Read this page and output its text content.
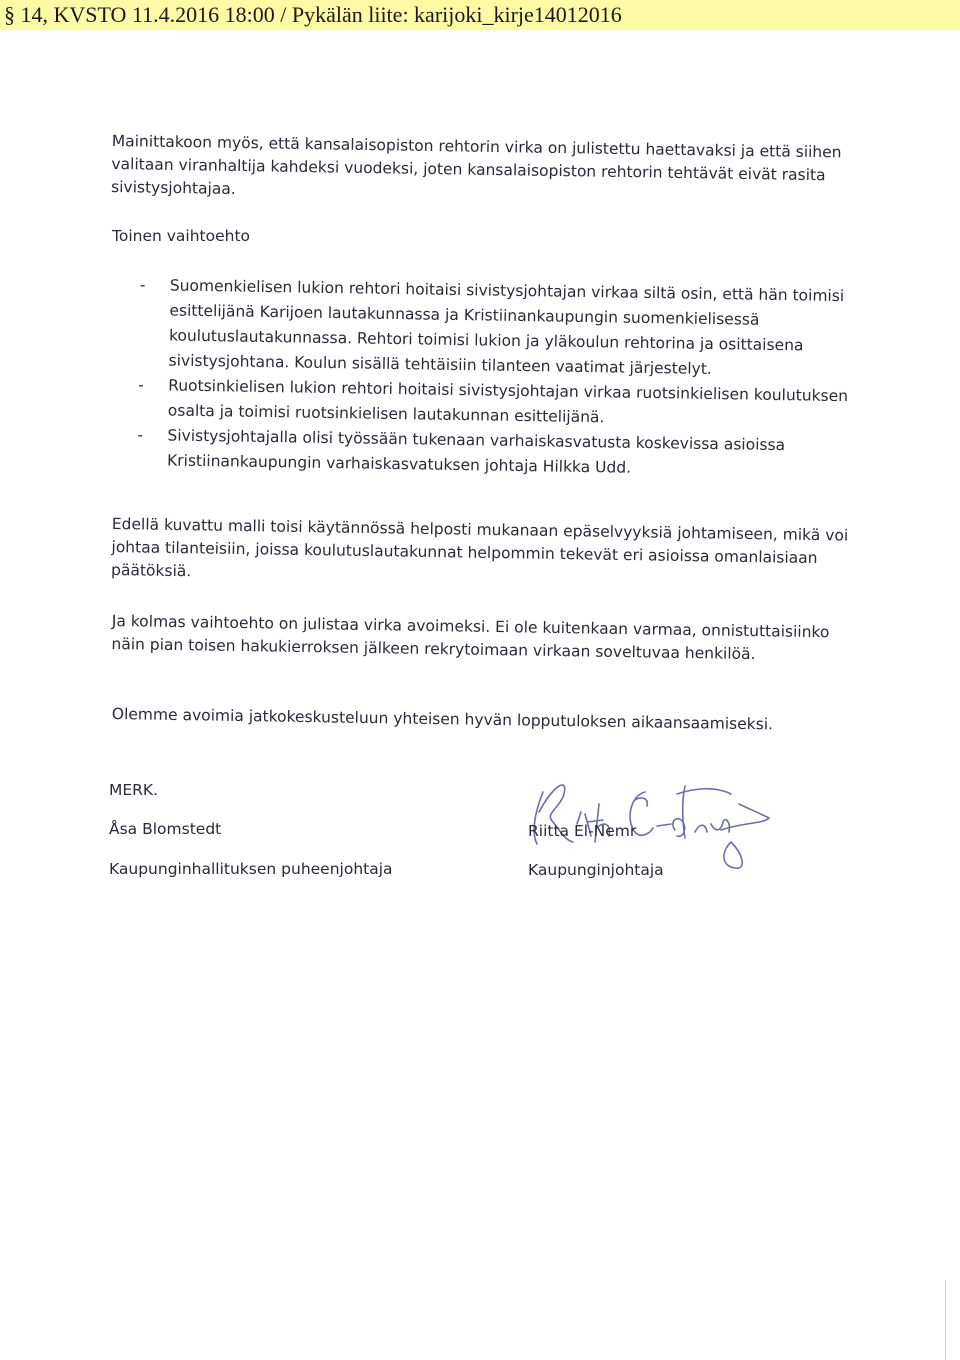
§ 14, KVSTO 11.4.2016 18:00 / Pykälän liite: karijoki_kirje14012016

Mainittakoon myös, että kansalaisopiston rehtorin virka on julistettu haettavaksi ja että siihen valitaan viranhaltija kahdeksi vuodeksi, joten kansalaisopiston rehtorin tehtävät eivät rasita sivistysjohtajaa.

Toinen vaihtoehto

- Suomenkielisen lukion rehtori hoitaisi sivistysjohtajan virkaa siltä osin, että hän toimisi esittelijänä Karijoen lautakunnassa ja Kristiinankaupungin suomenkielisessä koulutuslautakunnassa. Rehtori toimisi lukion ja yläkoulun rehtorina ja osittaisena sivistysjohtana. Koulun sisällä tehtäisiin tilanteen vaatimat järjestelyt.
- Ruotsinkielisen lukion rehtori hoitaisi sivistysjohtajan virkaa ruotsinkielisen koulutuksen osalta ja toimisi ruotsinkielisen lautakunnan esittelijänä.
- Sivistysjohtajalla olisi työssään tukenaan varhaiskasvatusta koskevissa asioissa Kristiinankaupungin varhaiskasvatuksen johtaja Hilkka Udd.

Edellä kuvattu malli toisi käytännössä helposti mukanaan epäselvyyksiä johtamiseen, mikä voi johtaa tilanteisiin, joissa koulutuslautakunnat helpommin tekevät eri asioissa omanlaisiaan päätöksiä.

Ja kolmas vaihtoehto on julistaa virka avoimeksi. Ei ole kuitenkaan varmaa, onnistuttaisiinko näin pian toisen hakukierroksen jälkeen rekrytoimaan virkaan soveltuvaa henkilöä.

Olemme avoimia jatkokeskusteluun yhteisen hyvän lopputuloksen aikaansaamiseksi.

MERK.
Åsa Blomstedt
Kaupunginhallituksen puheenjohtaja
Riitta El-Nemr
Kaupunginjohtaja
